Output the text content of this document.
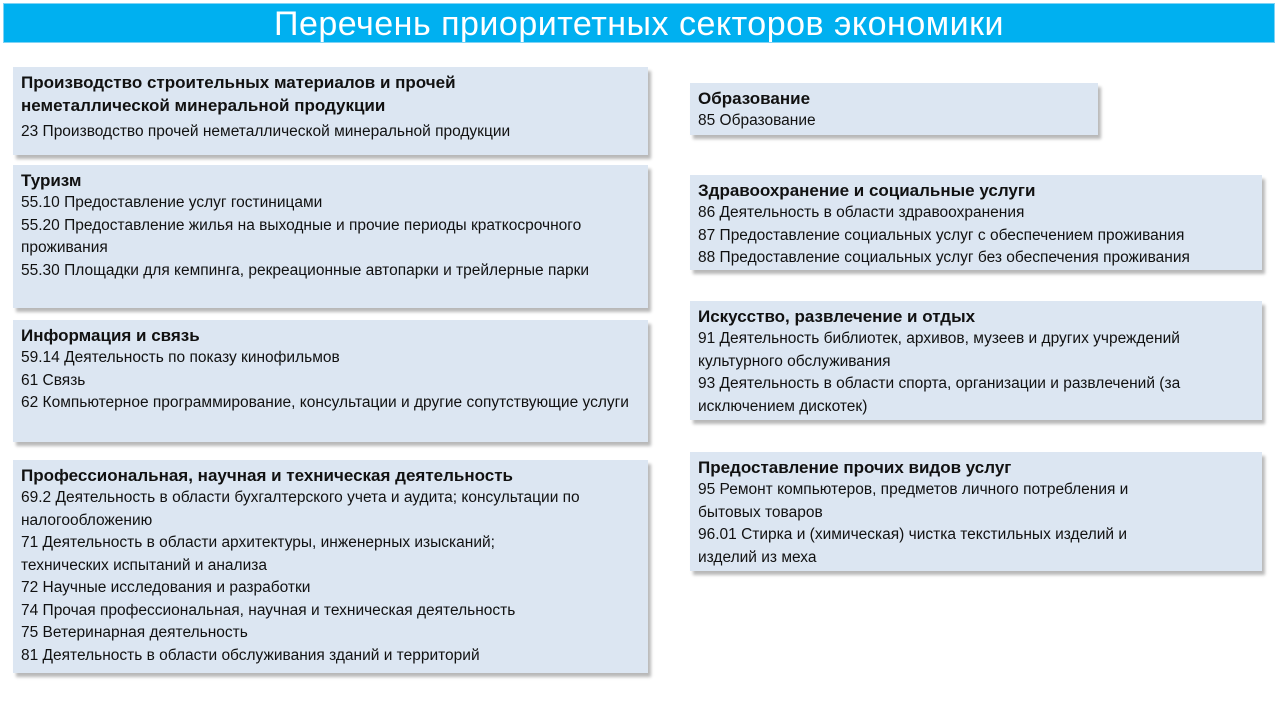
Перечень приоритетных секторов экономики
Производство строительных материалов и прочей неметаллической минеральной продукции
23 Производство прочей неметаллической минеральной продукции
Туризм
55.10 Предоставление услуг гостиницами
55.20 Предоставление жилья на выходные и прочие периоды краткосрочного проживания
55.30 Площадки для кемпинга, рекреационные автопарки и трейлерные парки
Информация и связь
59.14 Деятельность по показу кинофильмов
61 Связь
62 Компьютерное программирование, консультации и другие сопутствующие услуги
Профессиональная, научная и техническая деятельность
69.2 Деятельность в области бухгалтерского учета и аудита; консультации по налогообложению
71 Деятельность в области архитектуры, инженерных изысканий; технических испытаний и анализа
72 Научные исследования и разработки
74 Прочая профессиональная, научная и техническая деятельность
75 Ветеринарная деятельность
81 Деятельность в области обслуживания зданий и территорий
Образование
85 Образование
Здравоохранение и социальные услуги
86 Деятельность в области здравоохранения
87 Предоставление социальных услуг с обеспечением проживания
88 Предоставление социальных услуг без обеспечения проживания
Искусство, развлечение и отдых
91 Деятельность библиотек, архивов, музеев и других учреждений культурного обслуживания
93 Деятельность в области спорта, организации и развлечений (за исключением дискотек)
Предоставление прочих видов услуг
95 Ремонт компьютеров, предметов личного потребления и бытовых товаров
96.01 Стирка и (химическая) чистка текстильных изделий и изделий из меха
